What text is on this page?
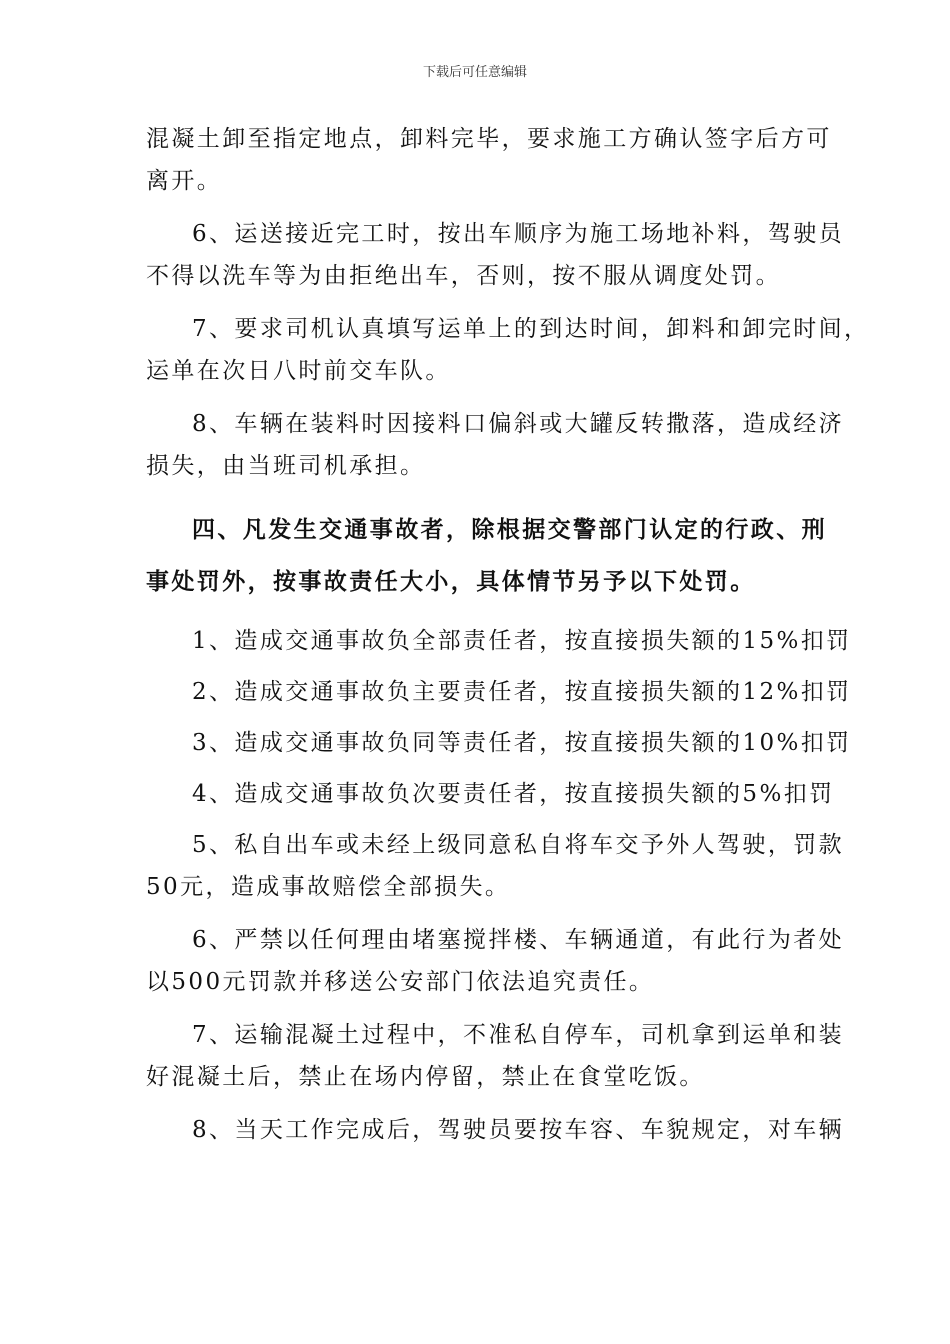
下载后可任意编辑

混凝土卸至指定地点，卸料完毕，要求施工方确认签字后方可
离开。

6、运送接近完工时，按出车顺序为施工场地补料，驾驶员
不得以洗车等为由拒绝出车，否则，按不服从调度处罚。

7、要求司机认真填写运单上的到达时间，卸料和卸完时间，
运单在次日八时前交车队。

8、车辆在装料时因接料口偏斜或大罐反转撒落，造成经济
损失，由当班司机承担。

四、凡发生交通事故者，除根据交警部门认定的行政、刑
事处罚外，按事故责任大小，具体情节另予以下处罚。

1、造成交通事故负全部责任者，按直接损失额的15%扣罚

2、造成交通事故负主要责任者，按直接损失额的12%扣罚

3、造成交通事故负同等责任者，按直接损失额的10%扣罚

4、造成交通事故负次要责任者，按直接损失额的5%扣罚

5、私自出车或未经上级同意私自将车交予外人驾驶，罚款
50元，造成事故赔偿全部损失。

6、严禁以任何理由堵塞搅拌楼、车辆通道，有此行为者处
以500元罚款并移送公安部门依法追究责任。

7、运输混凝土过程中，不准私自停车，司机拿到运单和装
好混凝土后，禁止在场内停留，禁止在食堂吃饭。

8、当天工作完成后，驾驶员要按车容、车貌规定，对车辆
